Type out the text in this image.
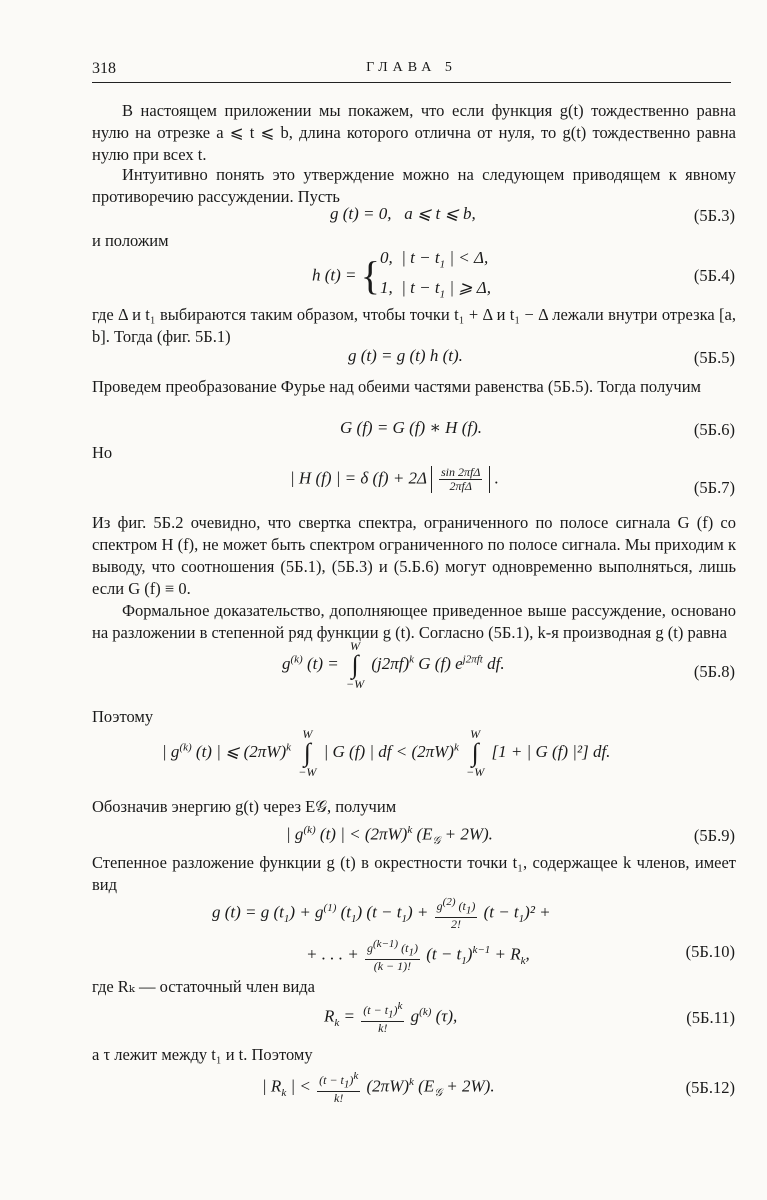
318	ГЛАВА 5
В настоящем приложении мы покажем, что если функция g(t) тождественно равна нулю на отрезке a ⩽ t ⩽ b, длина которого отлична от нуля, то g(t) тождественно равна нулю при всех t.
Интуитивно понять это утверждение можно на следующем приводящем к явному противоречию рассуждении. Пусть
g (t) = 0,   a ⩽ t ⩽ b,	(5Б.3)
и положим
h (t) = {0,  | $t - t_1$ | < Δ,
1,  | $t - t_1$ | ⩾ Δ,
(5Б.4)
где Δ и t₁ выбираются таким образом, чтобы точки t₁ + Δ и t₁ − Δ лежали внутри отрезка [a, b]. Тогда (фиг. 5Б.1)
g (t) = g (t) h (t).	(5Б.5)
Проведем преобразование Фурье над обеими частями равенства (5Б.5). Тогда получим
G (f) = G (f) ∗ H (f).	(5Б.6)
Но
| H (f) | = δ $(f) + 2\Delta \frac{\text{sin 2πfΔ}}{\text{2πfΔ}}$ .
(5Б.7)
Из фиг. 5Б.2 очевидно, что свертка спектра, ограниченного по полосе сигнала G (f) со спектром H (f), не может быть спектром ограниченного по полосе сигнала. Мы приходим к выводу, что соотношения (5Б.1), (5Б.3) и (5.Б.6) могут одновременно выполняться, лишь если G (f) ≡ 0.
Формальное доказательство, дополняющее приведенное выше рассуждение, основано на разложении в степенной ряд функции g (t). Согласно (5Б.1), k-я производная g (t) равна
$g^{(k)}$ (t) = W
∫
−W $(j2\pi f)^k$ G (f) $e^{j2\pi ft}$ df.	(5Б.8)
Поэтому
| $g^{(k)}$ (t) | ⩽ $(2\pi W)^k$ W
∫
−W | G (f) | df < $(2\pi W)^k$ W
∫
−W [1 + | G (f) |²] df.
Обозначив энергию g(t) через E𝒢, получим
| $g^{(k)}$ (t) | < $(2\pi W)^k$ $(E_𝒢 + 2W)$.	(5Б.9)
Степенное разложение функции g (t) в окрестности точки t₁, содержащее k членов, имеет вид
g (t) = g $(t_1) + g^{(1)}$ $(t_1) (t - t_1) + \frac{g^{(2)} (t_1)}{2!} (t - t_1)^2$ +
+ . . . + $\frac{g^{(k-1)} (t_1)}{(k - 1)!} (t - t_1)^{k-1} + R_k$,	(5Б.10)
где Rₖ — остаточный член вида
$R_k = \frac{(t - t_1)^k}{k!} g^{(k)}$ (τ),	(5Б.11)
а τ лежит между t₁ и t. Поэтому
| $R_k$ | < $\frac{(t - t_1)^k}{k!} (2\pi W)^k$ $(E_𝒢 + 2W)$.	(5Б.12)
